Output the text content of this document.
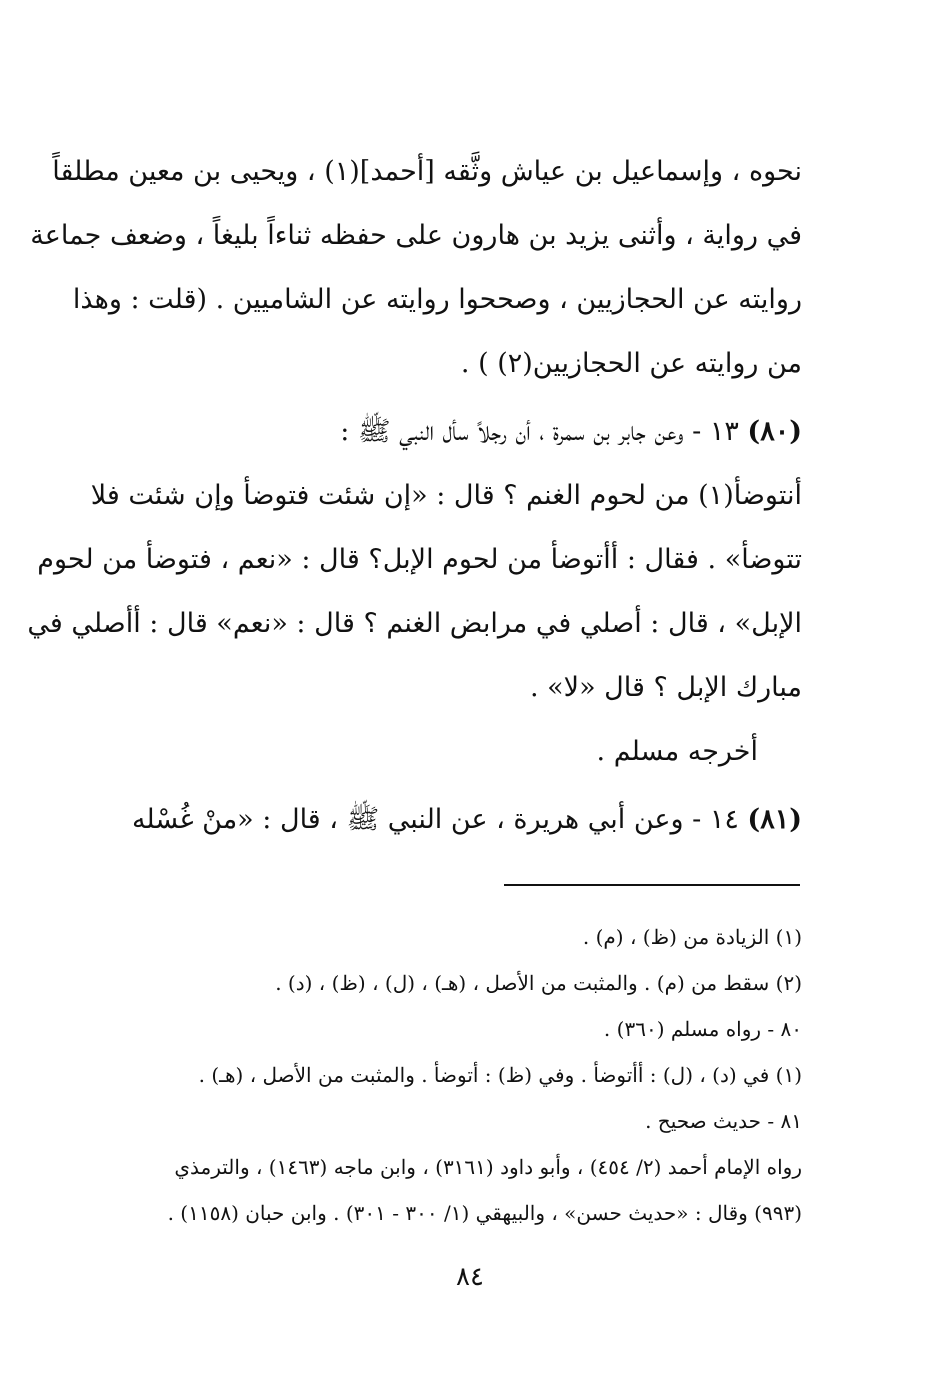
نحوه ، وإسماعيل بن عياش وثَّقه [أحمد](١) ، ويحيى بن معين مطلقاً
في رواية ، وأثنى يزيد بن هارون على حفظه ثناءاً بليغاً ، وضعف جماعة
روايته عن الحجازيين ، وصححوا روايته عن الشاميين . (قلت : وهذا
من روايته عن الحجازيين(٢) ) .
(٨٠) ١٣ - وعن جابر بن سمرة ، أن رجلاً سأل النبي ﷺ :
أنتوضأ(١) من لحوم الغنم ؟ قال : «إن شئت فتوضأ وإن شئت فلا
تتوضأ» . فقال : أأتوضأ من لحوم الإبل؟ قال : «نعم ، فتوضأ من لحوم
الإبل» ، قال : أصلي في مرابض الغنم ؟ قال : «نعم» قال : أأصلي في
مبارك الإبل ؟ قال «لا» .
أخرجه مسلم .
(٨١) ١٤ - وعن أبي هريرة ، عن النبي ﷺ ، قال : «منْ غُسْله
(١) الزيادة من (ظ) ، (م) .
(٢) سقط من (م) . والمثبت من الأصل ، (هـ) ، (ل) ، (ظ) ، (د) .
٨٠ - رواه مسلم (٣٦٠) .
(١) في (د) ، (ل) : أأتوضأ . وفي (ظ) : أتوضأ . والمثبت من الأصل ، (هـ) .
٨١ - حديث صحيح .
رواه الإمام أحمد (٢/ ٤٥٤) ، وأبو داود (٣١٦١) ، وابن ماجه (١٤٦٣) ، والترمذي
(٩٩٣) وقال : «حديث حسن» ، والبيهقي (١/ ٣٠٠ - ٣٠١) . وابن حبان (١١٥٨) .
٨٤
